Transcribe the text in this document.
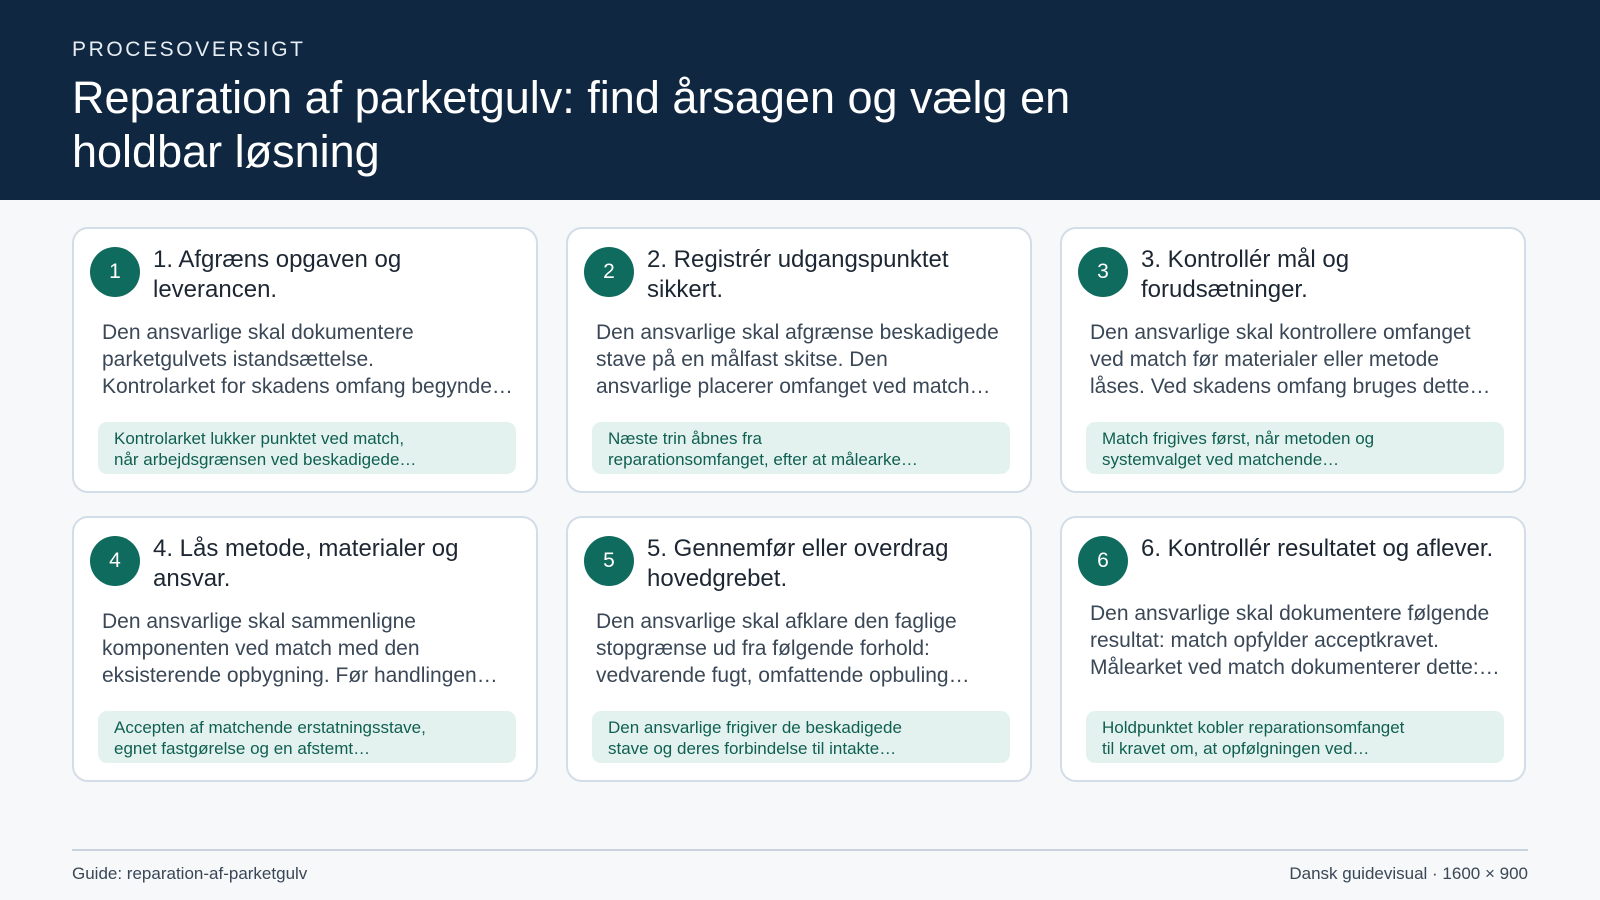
PROCESOVERSIGT
Reparation af parketgulv: find årsagen og vælg en holdbar løsning
1	1. Afgræns opgaven og leverancen.
Den ansvarlige skal dokumentere
parketgulvets istandsættelse.
Kontrolarket for skadens omfang begynde…
Kontrolarket lukker punktet ved match,
når arbejdsgrænsen ved beskadigede…
2	2. Registrér udgangspunktet sikkert.
Den ansvarlige skal afgrænse beskadigede
stave på en målfast skitse. Den
ansvarlige placerer omfanget ved match…
Næste trin åbnes fra
reparationsomfanget, efter at målearke…
3	3. Kontrollér mål og forudsætninger.
Den ansvarlige skal kontrollere omfanget
ved match før materialer eller metode
låses. Ved skadens omfang bruges dette…
Match frigives først, når metoden og
systemvalget ved matchende…
4	4. Lås metode, materialer og ansvar.
Den ansvarlige skal sammenligne
komponenten ved match med den
eksisterende opbygning. Før handlingen…
Accepten af matchende erstatningsstave,
egnet fastgørelse og en afstemt…
5	5. Gennemfør eller overdrag hovedgrebet.
Den ansvarlige skal afklare den faglige
stopgrænse ud fra følgende forhold:
vedvarende fugt, omfattende opbuling…
Den ansvarlige frigiver de beskadigede
stave og deres forbindelse til intakte…
6	6. Kontrollér resultatet og aflever.
Den ansvarlige skal dokumentere følgende
resultat: match opfylder acceptkravet.
Målearket ved match dokumenterer dette:…
Holdpunktet kobler reparationsomfanget
til kravet om, at opfølgningen ved…
Guide: reparation-af-parketgulv	Dansk guidevisual · 1600 × 900
